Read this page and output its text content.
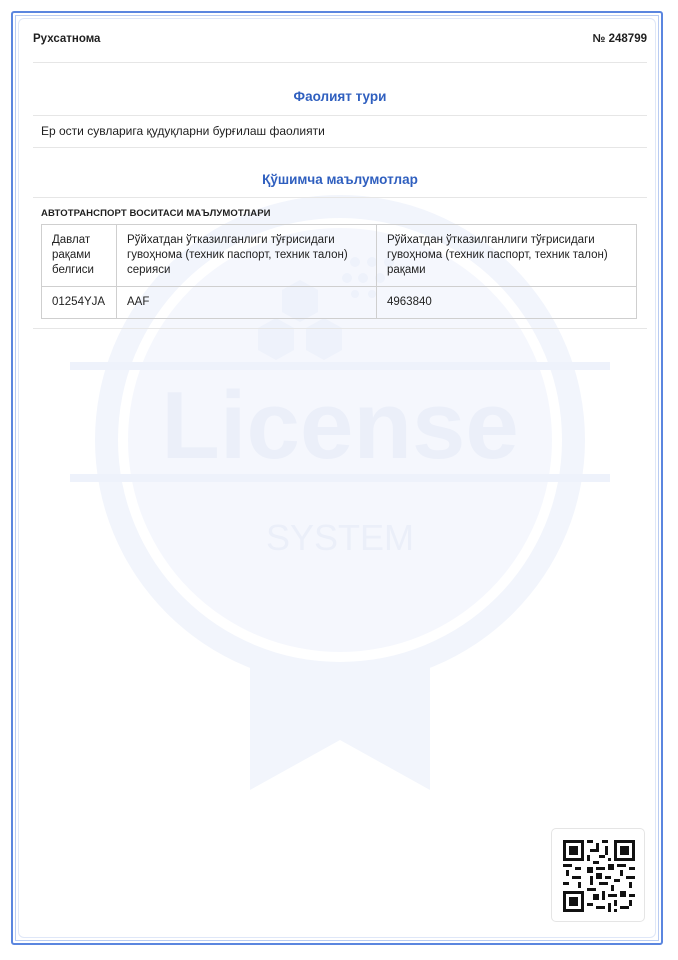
License
SYSTEM
Рухсатнома	№ 248799
Фаолият тури
Ер ости сувларига қудуқларни бурғилаш фаолияти
Қўшимча маълумотлар
АВТОТРАНСПОРТ ВОСИТАСИ МАЪЛУМОТЛАРИ
Давлат рақами белгиси	Рўйхатдан ўтказилганлиги тўғрисидаги гувоҳнома (техник паспорт, техник талон) серияси	Рўйхатдан ўтказилганлиги тўғрисидаги гувоҳнома (техник паспорт, техник талон) рақами
01254YJA	AAF	4963840
